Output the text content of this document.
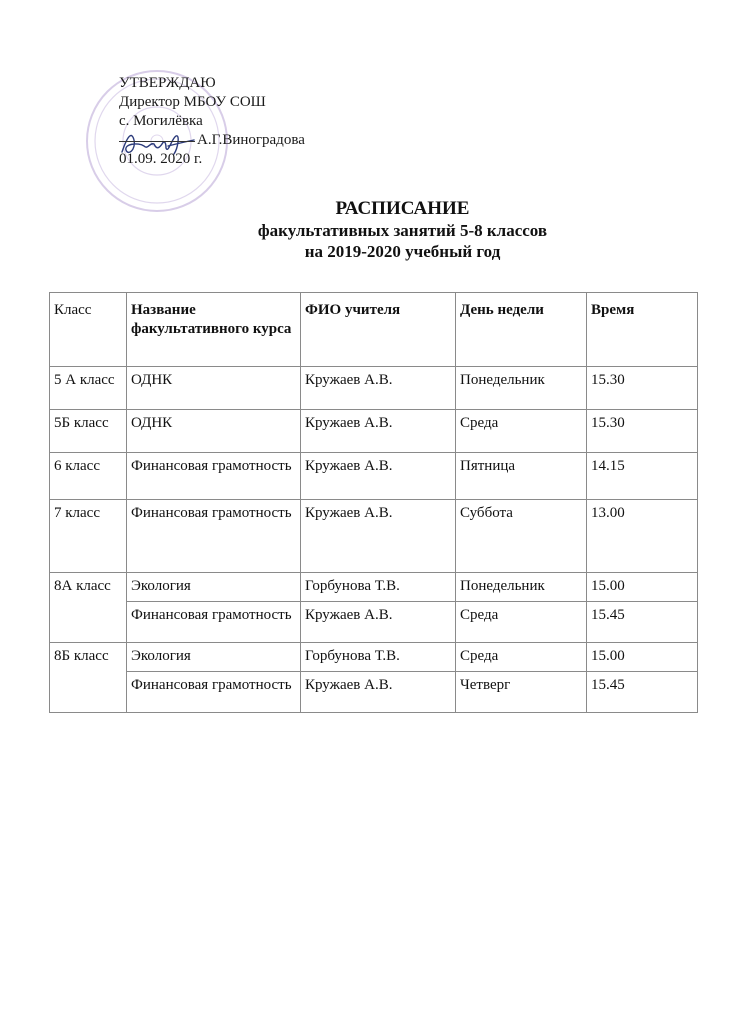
УТВЕРЖДАЮ
Директор МБОУ СОШ
с. Могилёвка
А.Г.Виноградова
01.09. 2020 г.
РАСПИСАНИЕ
факультативных занятий 5-8 классов
на 2019-2020 учебный год
Класс	Название факультативного курса	ФИО учителя	День недели	Время
5 А класс	ОДНК	Кружаев А.В.	Понедельник	15.30
5Б класс	ОДНК	Кружаев А.В.	Среда	15.30
6 класс	Финансовая грамотность	Кружаев А.В.	Пятница	14.15
7 класс	Финансовая грамотность	Кружаев А.В.	Суббота	13.00
8А класс	Экология	Горбунова Т.В.	Понедельник	15.00
	Финансовая грамотность	Кружаев А.В.	Среда	15.45
8Б класс	Экология	Горбунова Т.В.	Среда	15.00
	Финансовая грамотность	Кружаев А.В.	Четверг	15.45
